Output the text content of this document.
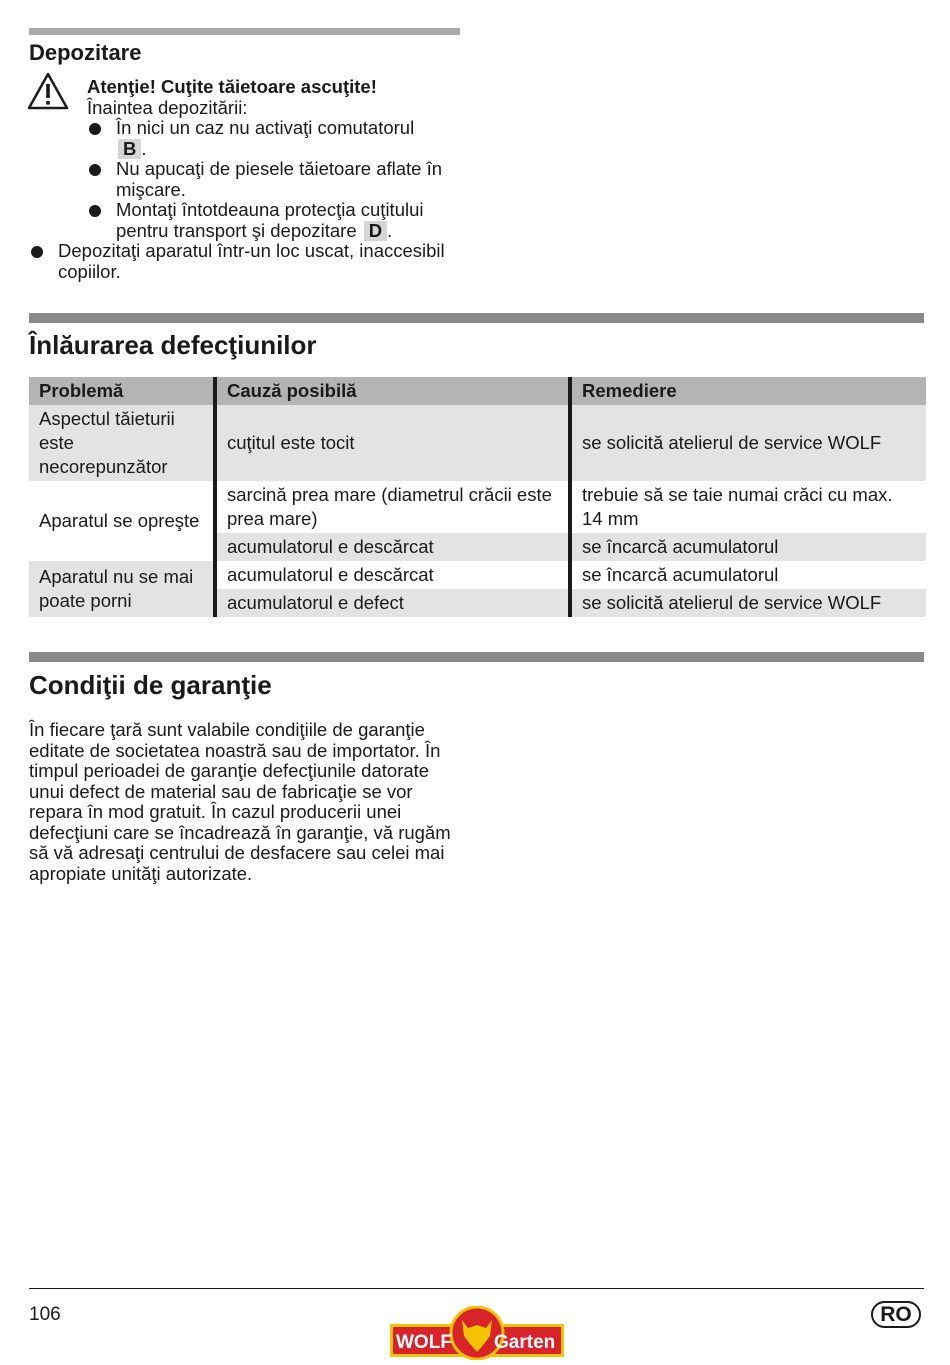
Depozitare
Atenţie! Cuţite tăietoare ascuţite!
Înaintea depozitării:
În nici un caz nu activaţi comutatorul
B .
Nu apucaţi de piesele tăietoare aflate în mişcare.
Montaţi întotdeauna protecţia cuţitului pentru transport şi depozitare D .
Depozitaţi aparatul într-un loc uscat, inaccesibil copiilor.
Înlăurarea defecţiunilor
Problemă	Cauză posibilă	Remediere
Aspectul tăieturii este necorepunzător	cuţitul este tocit	se solicită atelierul de service WOLF
Aparatul se opreşte	sarcină prea mare (diametrul crăcii este prea mare)	trebuie să se taie numai crăci cu max. 14 mm
	acumulatorul e descărcat	se încarcă acumulatorul
Aparatul nu se mai poate porni	acumulatorul e descărcat	se încarcă acumulatorul
	acumulatorul e defect	se solicită atelierul de service WOLF
Condiţii de garanţie

În fiecare ţară sunt valabile condiţiile de garanţie editate de societatea noastră sau de importator. În timpul perioadei de garanţie defecţiunile datorate unui defect de material sau de fabricaţie se vor repara în mod gratuit. În cazul producerii unei defecţiuni care se încadrează în garanţie, vă rugăm să vă adresaţi centrului de desfacere sau celei mai apropiate unităţi autorizate.

106	RO
WOLF Garten
